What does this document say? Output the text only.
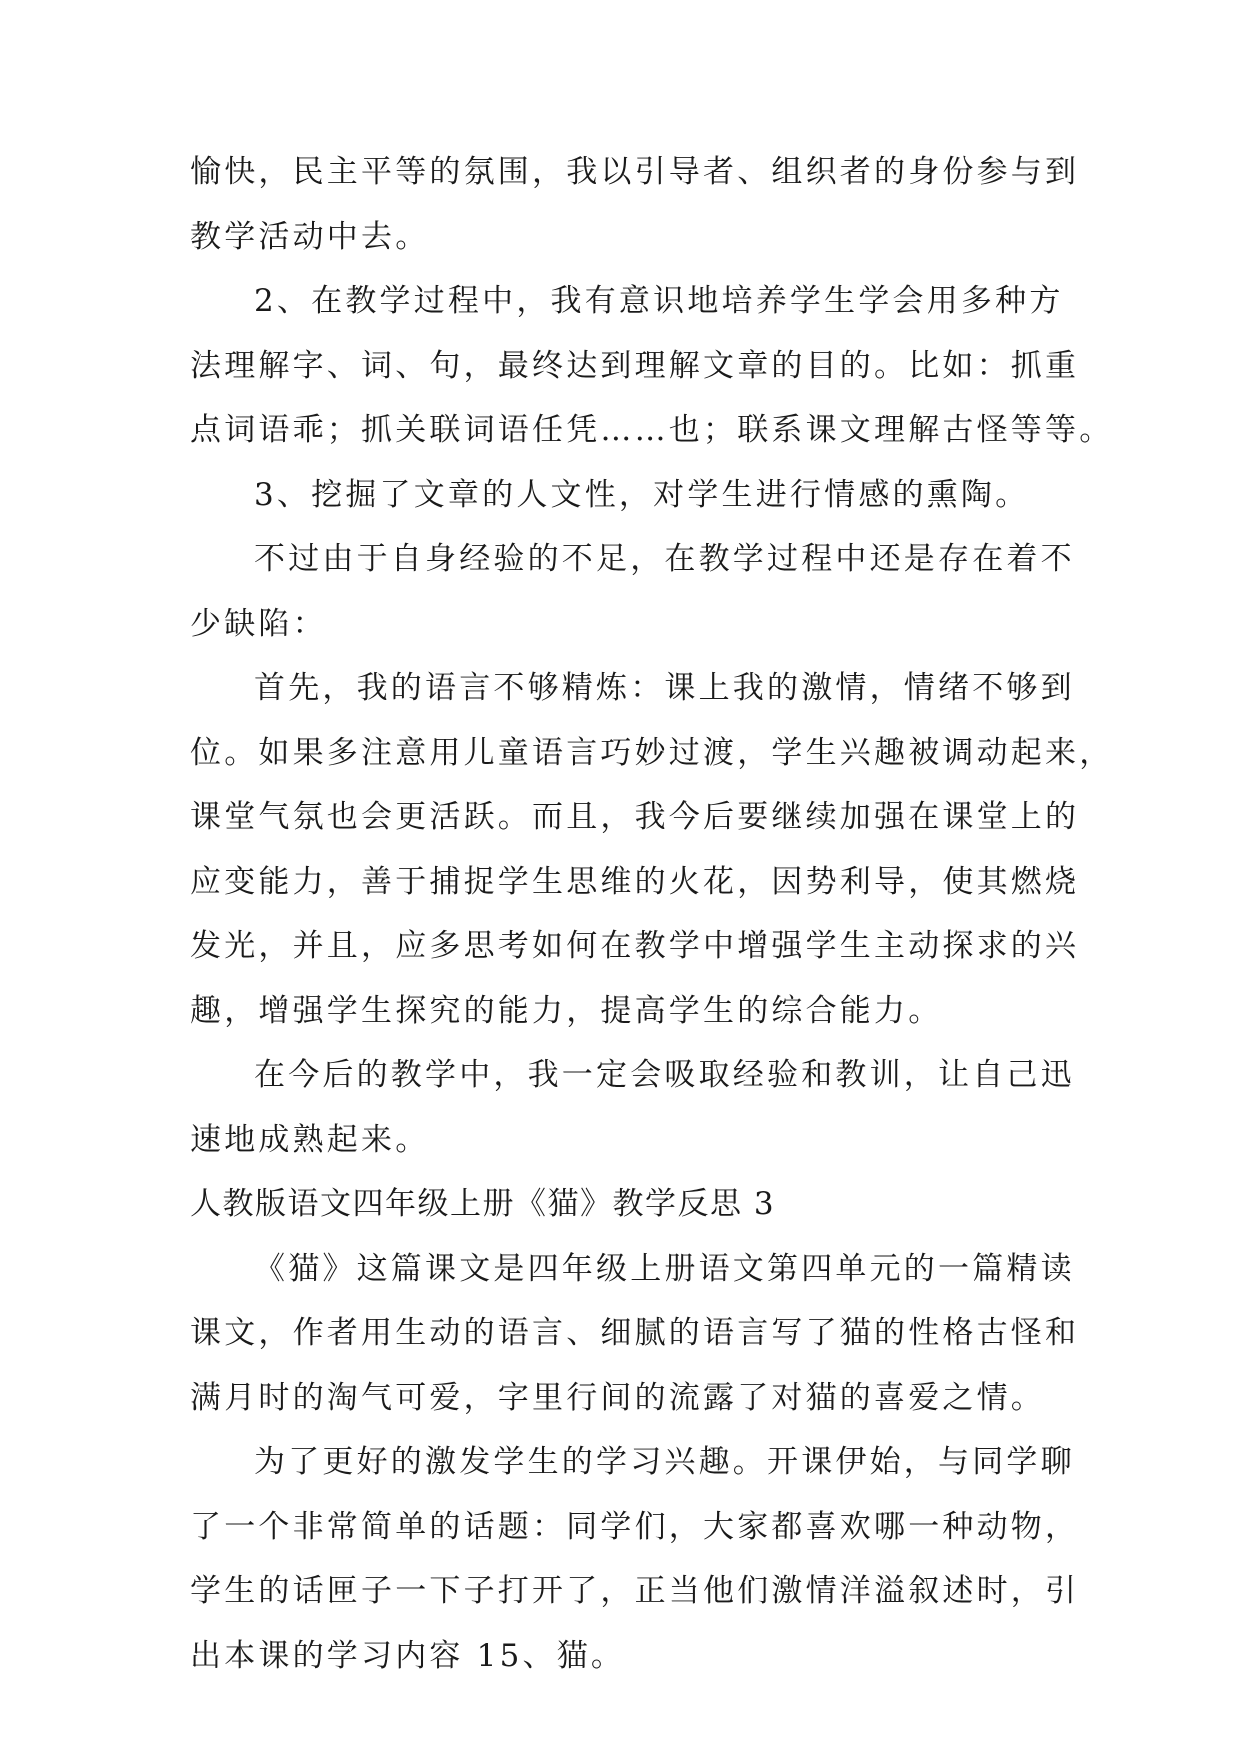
愉快，民主平等的氛围，我以引导者、组织者的身份参与到
教学活动中去。
2、在教学过程中，我有意识地培养学生学会用多种方
法理解字、词、句，最终达到理解文章的目的。比如：抓重
点词语乖；抓关联词语任凭……也；联系课文理解古怪等等。
3、挖掘了文章的人文性，对学生进行情感的熏陶。
不过由于自身经验的不足，在教学过程中还是存在着不
少缺陷：
首先，我的语言不够精炼：课上我的激情，情绪不够到
位。如果多注意用儿童语言巧妙过渡，学生兴趣被调动起来，
课堂气氛也会更活跃。而且，我今后要继续加强在课堂上的
应变能力，善于捕捉学生思维的火花，因势利导，使其燃烧
发光，并且，应多思考如何在教学中增强学生主动探求的兴
趣，增强学生探究的能力，提高学生的综合能力。
在今后的教学中，我一定会吸取经验和教训，让自己迅
速地成熟起来。
人教版语文四年级上册《猫》教学反思 3
《猫》这篇课文是四年级上册语文第四单元的一篇精读
课文，作者用生动的语言、细腻的语言写了猫的性格古怪和
满月时的淘气可爱，字里行间的流露了对猫的喜爱之情。
为了更好的激发学生的学习兴趣。开课伊始，与同学聊
了一个非常简单的话题：同学们，大家都喜欢哪一种动物，
学生的话匣子一下子打开了，正当他们激情洋溢叙述时，引
出本课的学习内容 15、猫。
